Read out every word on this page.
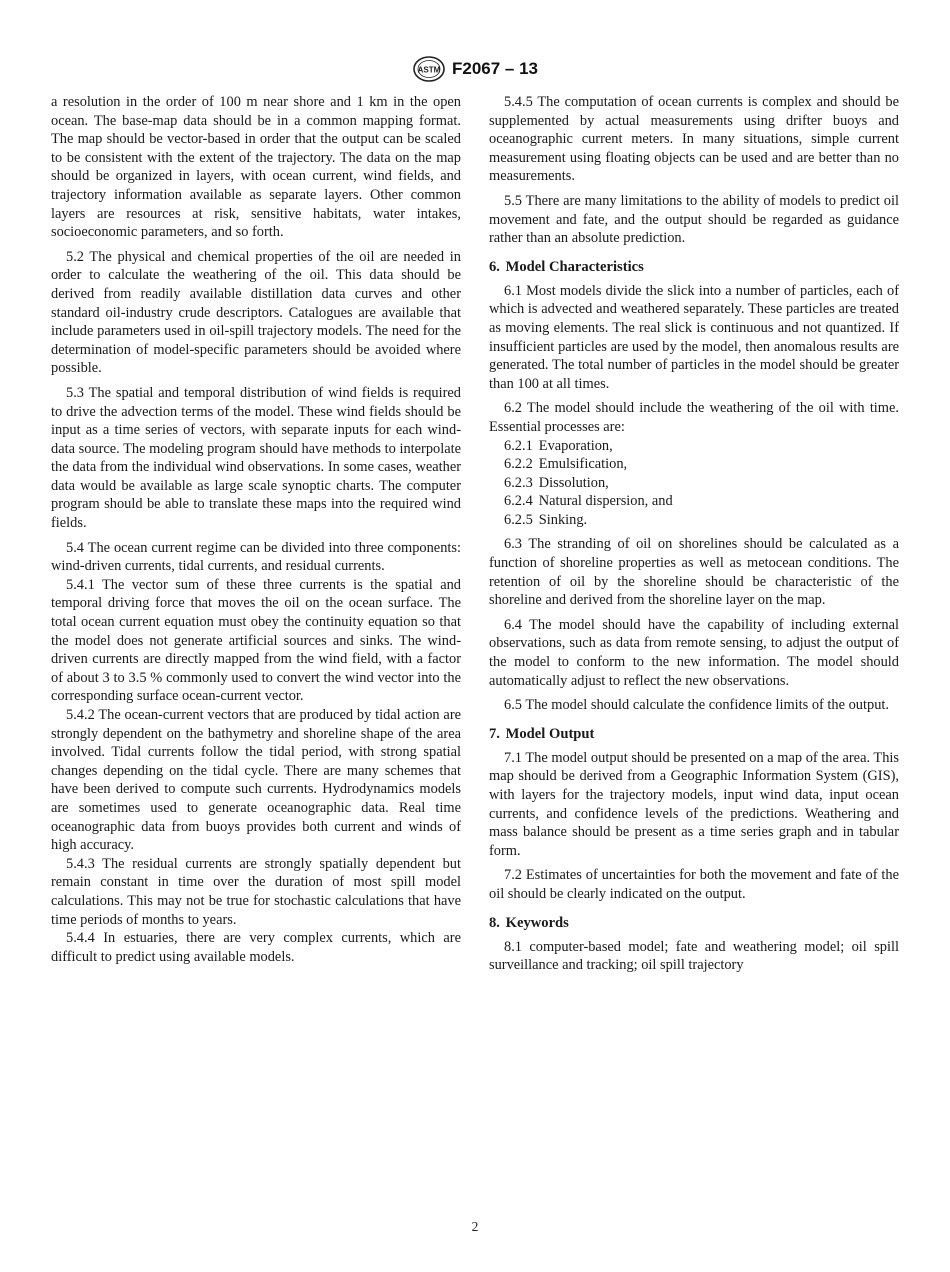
ASTM F2067 – 13

a resolution in the order of 100 m near shore and 1 km in the open ocean. The base-map data should be in a common mapping format. The map should be vector-based in order that the output can be scaled to be consistent with the extent of the trajectory. The data on the map should be organized in layers, with ocean current, wind fields, and trajectory information available as separate layers. Other common layers are resources at risk, sensitive habitats, water intakes, socioeconomic parameters, and so forth.

5.2 The physical and chemical properties of the oil are needed in order to calculate the weathering of the oil. This data should be derived from readily available distillation data curves and other standard oil-industry crude descriptors. Catalogues are available that include parameters used in oil-spill trajectory models. The need for the determination of model-specific parameters should be avoided where possible.

5.3 The spatial and temporal distribution of wind fields is required to drive the advection terms of the model. These wind fields should be input as a time series of vectors, with separate inputs for each wind-data source. The modeling program should have methods to interpolate the data from the individual wind observations. In some cases, weather data would be available as large scale synoptic charts. The computer program should be able to translate these maps into the required wind fields.

5.4 The ocean current regime can be divided into three components: wind-driven currents, tidal currents, and residual currents.

5.4.1 The vector sum of these three currents is the spatial and temporal driving force that moves the oil on the ocean surface. The total ocean current equation must obey the continuity equation so that the model does not generate artificial sources and sinks. The wind-driven currents are directly mapped from the wind field, with a factor of about 3 to 3.5 % commonly used to convert the wind vector into the corresponding surface ocean-current vector.

5.4.2 The ocean-current vectors that are produced by tidal action are strongly dependent on the bathymetry and shoreline shape of the area involved. Tidal currents follow the tidal period, with strong spatial changes depending on the tidal cycle. There are many schemes that have been derived to compute such currents. Hydrodynamics models are sometimes used to generate oceanographic data. Real time oceanographic data from buoys provides both current and winds of high accuracy.

5.4.3 The residual currents are strongly spatially dependent but remain constant in time over the duration of most spill model calculations. This may not be true for stochastic calculations that have time periods of months to years.

5.4.4 In estuaries, there are very complex currents, which are difficult to predict using available models.

5.4.5 The computation of ocean currents is complex and should be supplemented by actual measurements using drifter buoys and oceanographic current meters. In many situations, simple current measurement using floating objects can be used and are better than no measurements.

5.5 There are many limitations to the ability of models to predict oil movement and fate, and the output should be regarded as guidance rather than an absolute prediction.

6. Model Characteristics

6.1 Most models divide the slick into a number of particles, each of which is advected and weathered separately. These particles are treated as moving elements. The real slick is continuous and not quantized. If insufficient particles are used by the model, then anomalous results are generated. The total number of particles in the model should be greater than 100 at all times.

6.2 The model should include the weathering of the oil with time. Essential processes are:

6.2.1 Evaporation,
6.2.2 Emulsification,
6.2.3 Dissolution,
6.2.4 Natural dispersion, and
6.2.5 Sinking.

6.3 The stranding of oil on shorelines should be calculated as a function of shoreline properties as well as metocean conditions. The retention of oil by the shoreline should be characteristic of the shoreline and derived from the shoreline layer on the map.

6.4 The model should have the capability of including external observations, such as data from remote sensing, to adjust the output of the model to conform to the new information. The model should automatically adjust to reflect the new observations.

6.5 The model should calculate the confidence limits of the output.

7. Model Output

7.1 The model output should be presented on a map of the area. This map should be derived from a Geographic Information System (GIS), with layers for the trajectory models, input wind data, input ocean currents, and confidence levels of the predictions. Weathering and mass balance should be present as a time series graph and in tabular form.

7.2 Estimates of uncertainties for both the movement and fate of the oil should be clearly indicated on the output.

8. Keywords

8.1 computer-based model; fate and weathering model; oil spill surveillance and tracking; oil spill trajectory

2
